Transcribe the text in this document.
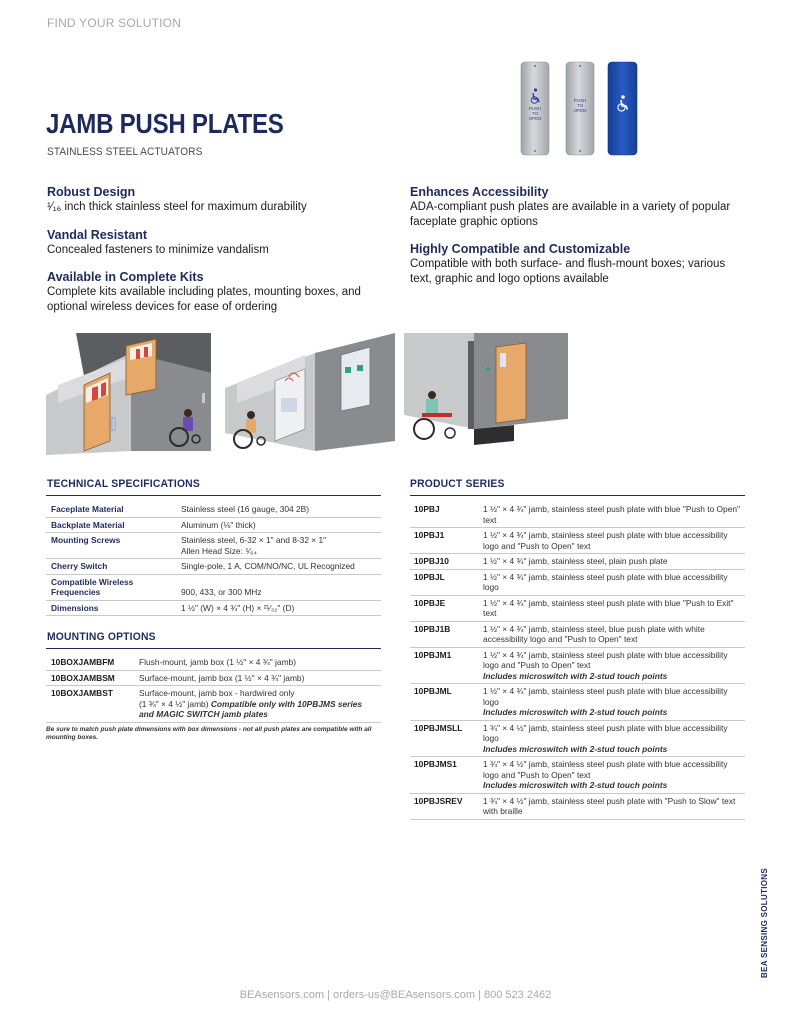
FIND YOUR SOLUTION
JAMB PUSH PLATES
STAINLESS STEEL ACTUATORS
PUSH
TO
OPEN
PUSH
TO
OPEN
Robust Design

¹⁄₁₆ inch thick stainless steel for maximum durability

Vandal Resistant

Concealed fasteners to minimize vandalism

Available in Complete Kits

Complete kits available including plates, mounting boxes, and optional wireless devices for ease of ordering

Enhances Accessibility

ADA-compliant push plates are available in a variety of popular faceplate graphic options

Highly Compatible and Customizable

Compatible with both surface- and flush-mount boxes; various text, graphic and logo options available

TECHNICAL SPECIFICATIONS
Faceplate Material	Stainless steel (16 gauge, 304 2B)
Backplate Material	Aluminum (⅛" thick)
Mounting Screws	Stainless steel, 6-32 × 1" and 8-32 × 1"
Allen Head Size: ⁵⁄₆₄

Cherry Switch	Single-pole, 1 A, COM/NO/NC, UL Recognized

Compatible Wireless
Frequencies	900, 433, or 300 MHz

Dimensions	1 ½" (W) × 4 ¾" (H) × ²¹⁄₃₂" (D)
MOUNTING OPTIONS
10BOXJAMBFM	Flush-mount, jamb box (1 ½" × 4 ¾" jamb)
10BOXJAMBSM	Surface-mount, jamb box (1 ½" × 4 ¾" jamb)
10BOXJAMBST	Surface-mount, jamb box - hardwired only
(1 ¾" × 4 ½" jamb) Compatible only with 10PBJMS series and MAGIC SWITCH jamb plates
Be sure to match push plate dimensions with box dimensions - not all push plates are compatible with all mounting boxes.
PRODUCT SERIES
10PBJ	1 ½" × 4 ¾" jamb, stainless steel push plate with blue "Push to Open" text
10PBJ1	1 ½" × 4 ¾" jamb, stainless steel push plate with blue accessibility logo and "Push to Open" text
10PBJ10	1 ½" × 4 ¾" jamb, stainless steel, plain push plate
10PBJL	1 ½" × 4 ¾" jamb, stainless steel push plate with blue accessibility logo
10PBJE	1 ½" × 4 ¾" jamb, stainless steel push plate with blue "Push to Exit" text
10PBJ1B	1 ½" × 4 ¾" jamb, stainless steel, blue push plate with white accessibility logo and "Push to Open" text
10PBJM1	1 ½" × 4 ¾" jamb, stainless steel push plate with blue accessibility logo and "Push to Open" text
Includes microswitch with 2-stud touch points

10PBJML	1 ½" × 4 ¾" jamb, stainless steel push plate with blue accessibility logo
Includes microswitch with 2-stud touch points

10PBJMSLL	1 ¾" × 4 ½" jamb, stainless steel push plate with blue accessibility logo
Includes microswitch with 2-stud touch points

10PBJMS1	1 ¾" × 4 ½" jamb, stainless steel push plate with blue accessibility logo and "Push to Open" text
Includes microswitch with 2-stud touch points

10PBJSREV	1 ¾" × 4 ½" jamb, stainless steel push plate with "Push to Slow" text with braille
BEA SENSING SOLUTIONS
BEAsensors.com | orders-us@BEAsensors.com | 800 523 2462
